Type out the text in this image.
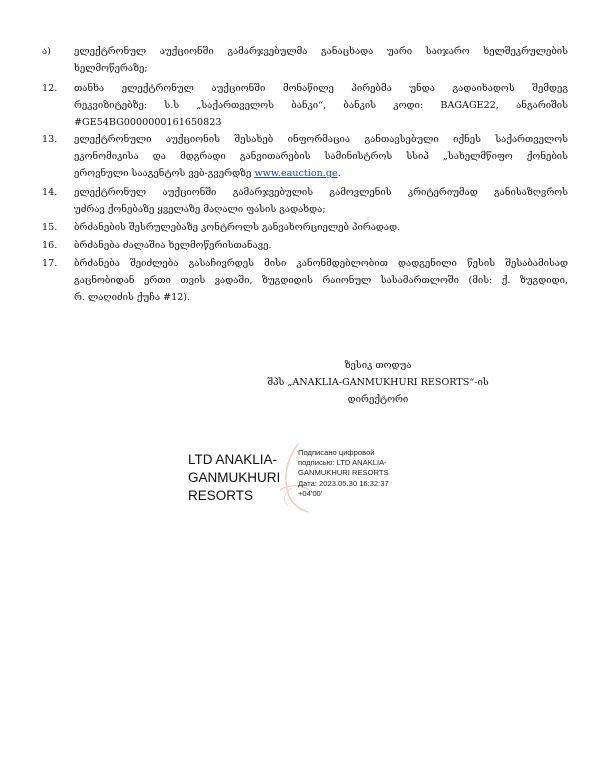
ა)	ელექტრონულ აუქციონში გამარჯვებულმა განაცხადა უარი საიჯარო ხელშეკრულების
ხელმოწერაზე;
12.	თანხა ელექტრონულ აუქციონში მონაწილე პირებმა უნდა გადაიხადოს შემდეგ
რეკვიზიტებზე: ს.ს „საქართველოს ბანკი“, ბანკის კოდი: BAGAGE22, ანგარიშის
#GE54BG0000000161650823
13.	ელექტრონული აუქციონის შესახებ ინფორმაცია განთავსებული იქნეს საქართველოს
ეკონომიკისა და მდგრადი განვითარების სამინისტროს სსიპ „სახელმწიფო ქონების
ეროვნული სააგენტოს ვებ-გვერდზე www.eauction.ge.
14.	ელექტრონულ აუქციონში გამარჯვებულის გამოვლენის კრიტერიუმად განისაზღვროს
უძრავ ქონებაზე ყველაზე მაღალი ფასის გადახდა;
15.	ბრძანების შესრულებაზე კონტროლს განვახორციელებ პირადად.
16.	ბრძანება ძალაშია ხელმოწერისთანავე.
17.	ბრძანება შეიძლება გასაჩივრდეს მისი კანონმდებლობით დადგენილი წესის შესაბამისად
გაცნობიდან ერთი თვის ვადაში, ზუგდიდის რაიონულ სასამართლოში (მის: ქ. ზუგდიდი,
რ. ლაღიძის ქუჩა #12).
ზესიკ თოდუა
შპს „ANAKLIA-GANMUKHURI RESORTS“-ის
დირექტორი
LTD ANAKLIA-
GANMUKHURI
RESORTS
Подписано цифровой
подписью: LTD ANAKLIA-
GANMUKHURI RESORTS
Дата: 2023.05.30 16:32:37
+04'00'
